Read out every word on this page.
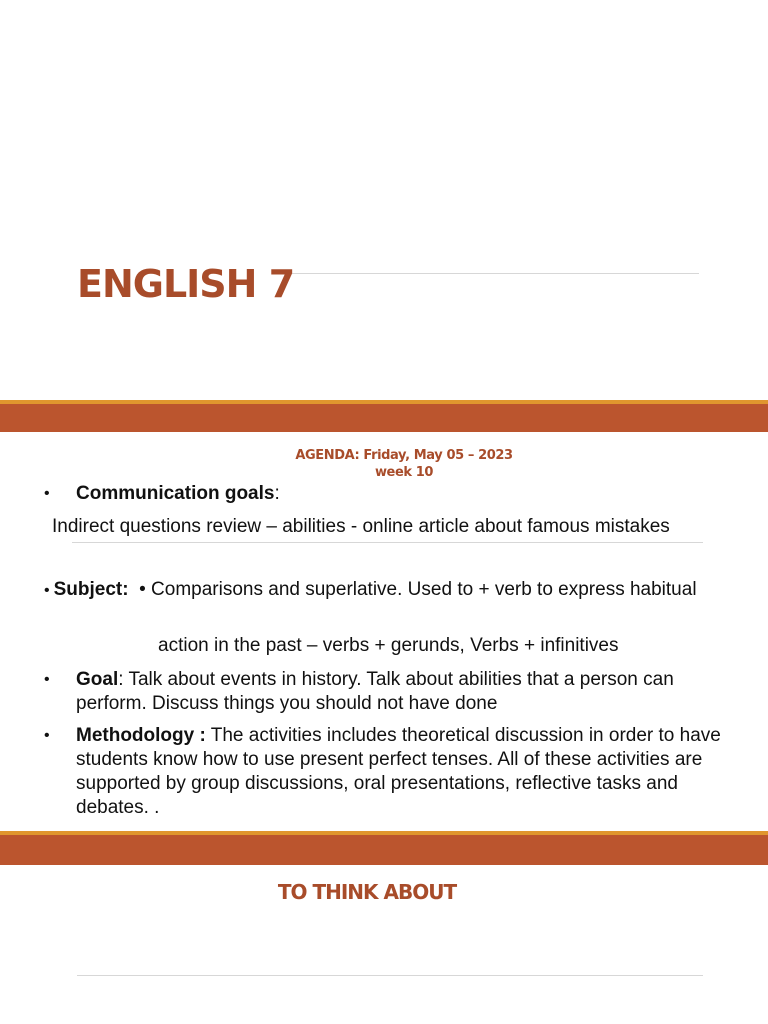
ENGLISH 7
AGENDA: Friday, May 05 – 2023
week 10
• Communication goals:
Indirect questions review – abilities - online article about famous mistakes
• Subject:  • Comparisons and superlative. Used to + verb to express habitual
action in the past – verbs + gerunds, Verbs + infinitives
• Goal: Talk about events in history. Talk about abilities that a person can perform. Discuss things you should not have done
• Methodology : The activities includes theoretical discussion in order to have students know how to use present perfect tenses. All of these activities are supported by group discussions, oral presentations, reflective tasks and debates. .
TO THINK ABOUT
